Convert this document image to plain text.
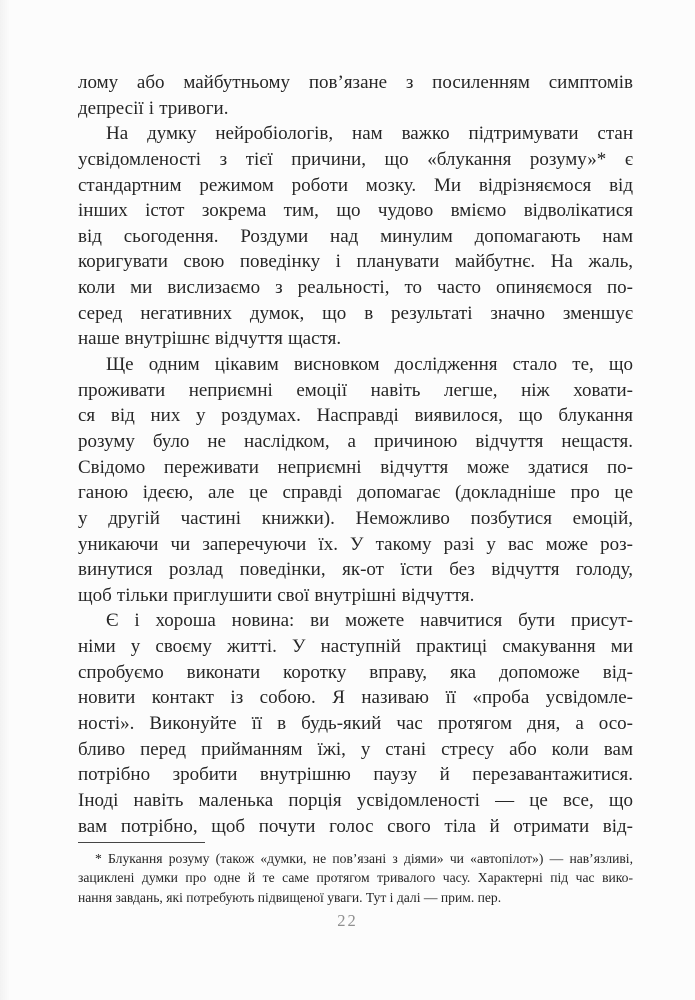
лому або майбутньому пов’язане з посиленням симптомів
депресії і тривоги.
На думку нейробіологів, нам важко підтримувати стан
усвідомленості з тієї причини, що «блукання розуму»* є
стандартним режимом роботи мозку. Ми відрізняємося від
інших істот зокрема тим, що чудово вміємо відволікатися
від сьогодення. Роздуми над минулим допомагають нам
коригувати свою поведінку і планувати майбутнє. На жаль,
коли ми вислизаємо з реальності, то часто опиняємося по-
серед негативних думок, що в результаті значно зменшує
наше внутрішнє відчуття щастя.
Ще одним цікавим висновком дослідження стало те, що
проживати неприємні емоції навіть легше, ніж ховати-
ся від них у роздумах. Насправді виявилося, що блукання
розуму було не наслідком, а причиною відчуття нещастя.
Свідомо переживати неприємні відчуття може здатися по-
ганою ідеєю, але це справді допомагає (докладніше про це
у другій частині книжки). Неможливо позбутися емоцій,
уникаючи чи заперечуючи їх. У такому разі у вас може роз-
винутися розлад поведінки, як-от їсти без відчуття голоду,
щоб тільки приглушити свої внутрішні відчуття.
Є і хороша новина: ви можете навчитися бути присут-
німи у своєму житті. У наступній практиці смакування ми
спробуємо виконати коротку вправу, яка допоможе від-
новити контакт із собою. Я називаю її «проба усвідомле-
ності». Виконуйте її в будь-який час протягом дня, а осо-
бливо перед прийманням їжі, у стані стресу або коли вам
потрібно зробити внутрішню паузу й перезавантажитися.
Іноді навіть маленька порція усвідомленості — це все, що
вам потрібно, щоб почути голос свого тіла й отримати від-
* Блукання розуму (також «думки, не пов’язані з діями» чи «автопілот») — нав’язливі,
зациклені думки про одне й те саме протягом тривалого часу. Характерні під час вико-
нання завдань, які потребують підвищеної уваги. Тут і далі — прим. пер.
22
